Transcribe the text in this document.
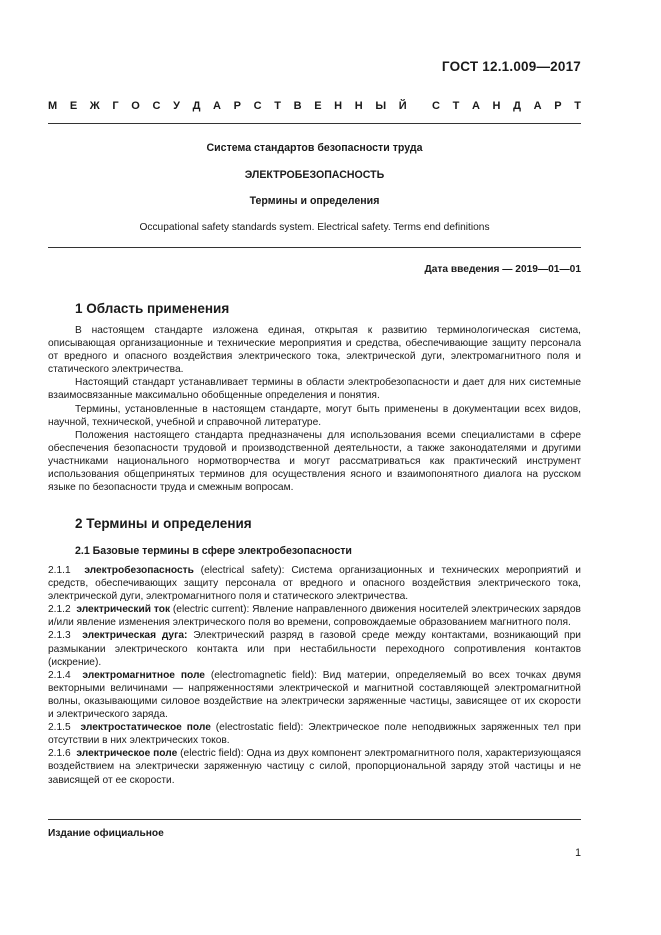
ГОСТ 12.1.009—2017
М Е Ж Г О С У Д А Р С Т В Е Н Н Ы Й С Т А Н Д А Р Т
Система стандартов безопасности труда
ЭЛЕКТРОБЕЗОПАСНОСТЬ
Термины и определения
Occupational safety standards system. Electrical safety. Terms end definitions
Дата введения — 2019—01—01
1 Область применения

В настоящем стандарте изложена единая, открытая к развитию терминологическая система, описывающая организационные и технические мероприятия и средства, обеспечивающие защиту персонала от вредного и опасного воздействия электрического тока, электрической дуги, электромагнитного поля и статического электричества.

Настоящий стандарт устанавливает термины в области электробезопасности и дает для них системные взаимосвязанные максимально обобщенные определения и понятия.

Термины, установленные в настоящем стандарте, могут быть применены в документации всех видов, научной, технической, учебной и справочной литературе.

Положения настоящего стандарта предназначены для использования всеми специалистами в сфере обеспечения безопасности трудовой и производственной деятельности, а также законодателями и другими участниками национального нормотворчества и могут рассматриваться как практический инструмент использования общепринятых терминов для осуществления ясного и взаимопонятного диалога на русском языке по безопасности труда и смежным вопросам.

2 Термины и определения
2.1 Базовые термины в сфере электробезопасности

2.1.1 электробезопасность (electrical safety): Система организационных и технических мероприятий и средств, обеспечивающих защиту персонала от вредного и опасного воздействия электрического тока, электрической дуги, электромагнитного поля и статического электричества.

2.1.2 электрический ток (electric current): Явление направленного движения носителей электрических зарядов и/или явление изменения электрического поля во времени, сопровождаемые образованием магнитного поля.

2.1.3 электрическая дуга: Электрический разряд в газовой среде между контактами, возникающий при размыкании электрического контакта или при нестабильности переходного сопротивления контактов (искрение).

2.1.4 электромагнитное поле (electromagnetic field): Вид материи, определяемый во всех точках двумя векторными величинами — напряженностями электрической и магнитной составляющей электромагнитной волны, оказывающими силовое воздействие на электрически заряженные частицы, зависящее от их скорости и электрического заряда.

2.1.5 электростатическое поле (electrostatic field): Электрическое поле неподвижных заряженных тел при отсутствии в них электрических токов.

2.1.6 электрическое поле (electric field): Одна из двух компонент электромагнитного поля, характеризующаяся воздействием на электрически заряженную частицу с силой, пропорциональной заряду этой частицы и не зависящей от ее скорости.

Издание официальное
1
